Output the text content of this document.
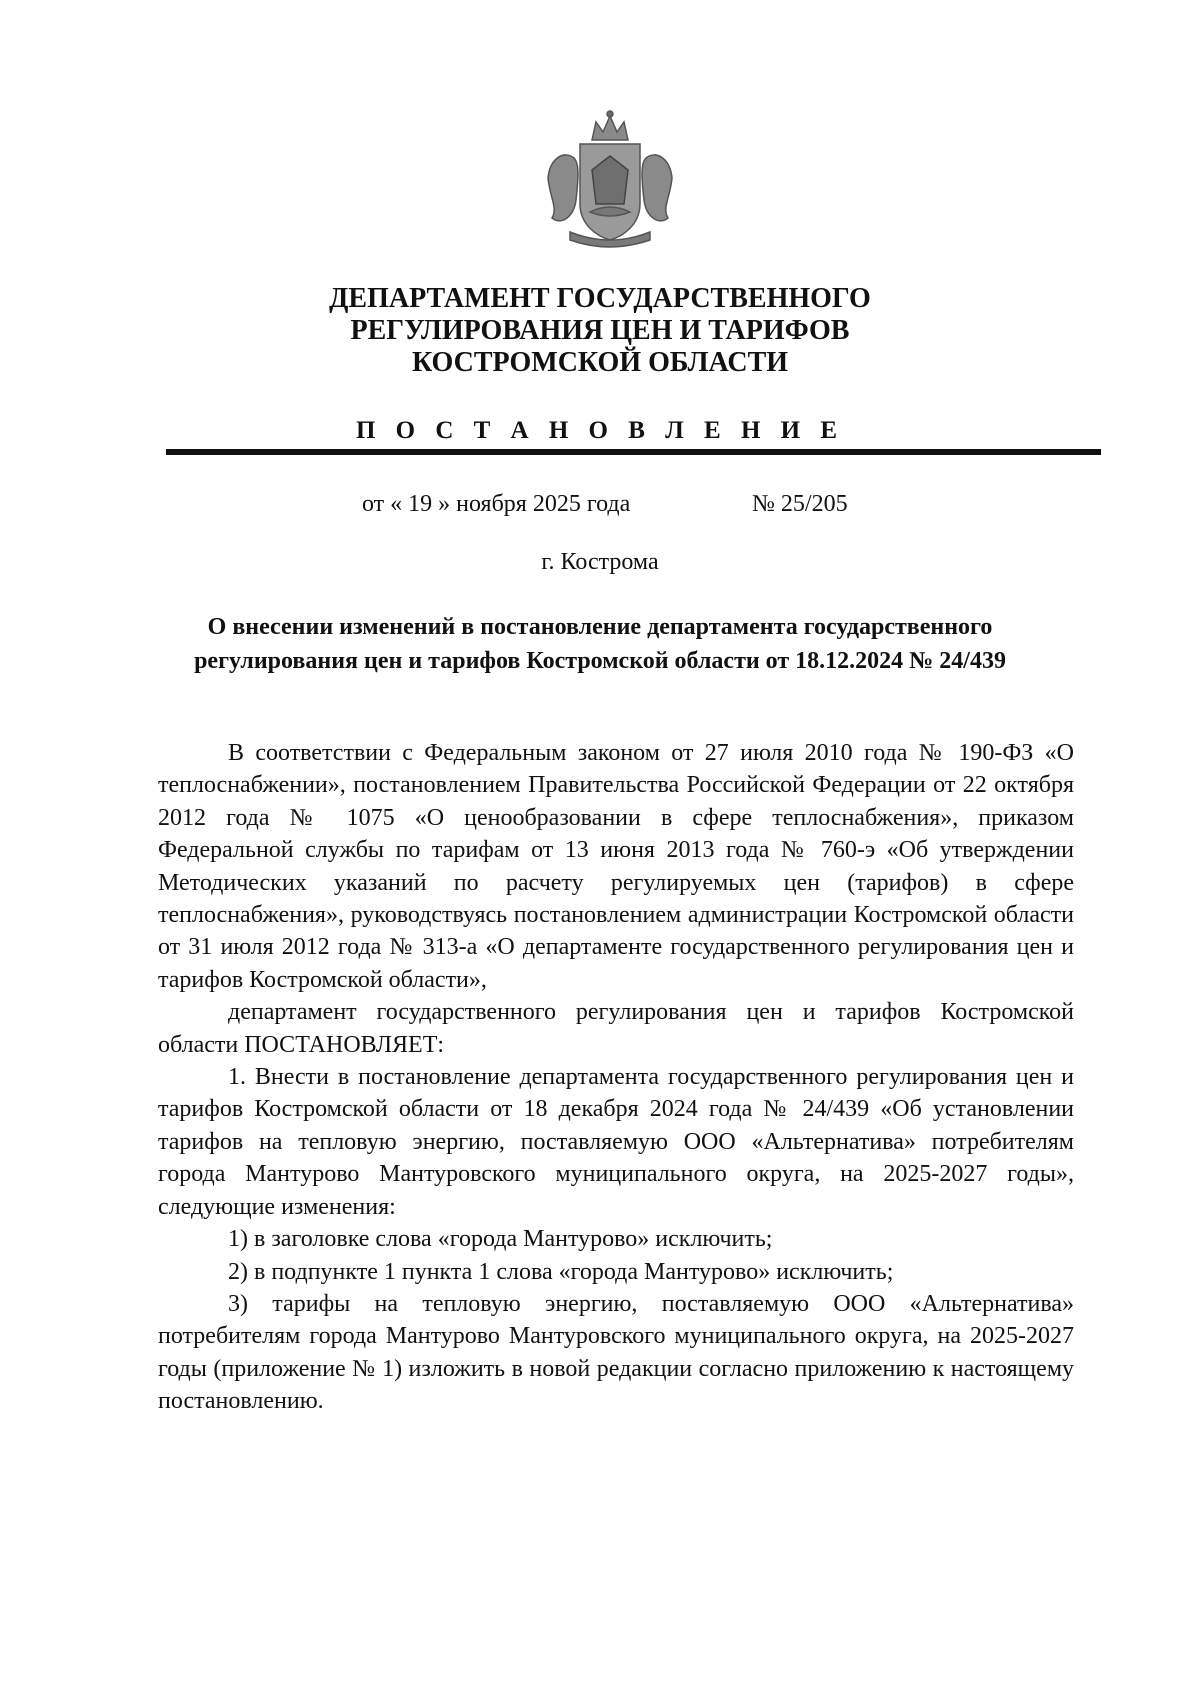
ДЕПАРТАМЕНТ ГОСУДАРСТВЕННОГО
РЕГУЛИРОВАНИЯ ЦЕН И ТАРИФОВ
КОСТРОМСКОЙ ОБЛАСТИ
П О С Т А Н О В Л Е Н И Е
от « 19 » ноября 2025 года	№ 25/205
г. Кострома
О внесении изменений в постановление департамента государственного регулирования цен и тарифов Костромской области от 18.12.2024 № 24/439

В соответствии с Федеральным законом от 27 июля 2010 года № 190-ФЗ «О теплоснабжении», постановлением Правительства Российской Федерации от 22 октября 2012 года № 1075 «О ценообразовании в сфере теплоснабжения», приказом Федеральной службы по тарифам от 13 июня 2013 года № 760-э «Об утверждении Методических указаний по расчету регулируемых цен (тарифов) в сфере теплоснабжения», руководствуясь постановлением администрации Костромской области от 31 июля 2012 года № 313-а «О департаменте государственного регулирования цен и тарифов Костромской области»,

департамент государственного регулирования цен и тарифов Костромской области ПОСТАНОВЛЯЕТ:

1. Внести в постановление департамента государственного регулирования цен и тарифов Костромской области от 18 декабря 2024 года № 24/439 «Об установлении тарифов на тепловую энергию, поставляемую ООО «Альтернатива» потребителям города Мантурово Мантуровского муниципального округа, на 2025-2027 годы», следующие изменения:

1) в заголовке слова «города Мантурово» исключить;

2) в подпункте 1 пункта 1 слова «города Мантурово» исключить;

3) тарифы на тепловую энергию, поставляемую ООО «Альтернатива» потребителям города Мантурово Мантуровского муниципального округа, на 2025-2027 годы (приложение № 1) изложить в новой редакции согласно приложению к настоящему постановлению.
